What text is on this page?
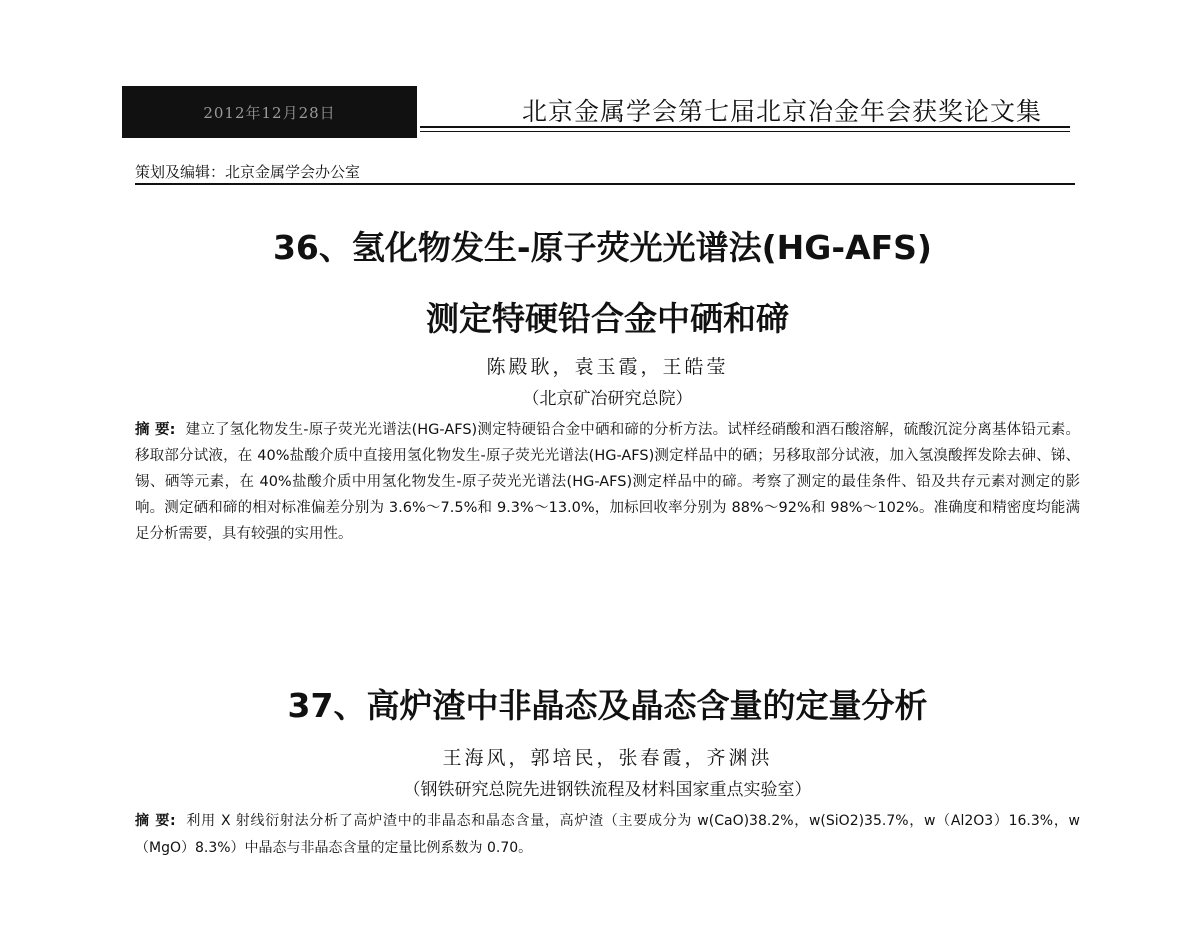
2012年12月28日	北京金属学会第七届北京冶金年会获奖论文集
策划及编辑：北京金属学会办公室
36、氢化物发生-原子荧光光谱法(HG-AFS)
测定特硬铅合金中硒和碲
陈殿耿，袁玉霞，王皓莹
（北京矿冶研究总院）
摘 要: 建立了氢化物发生-原子荧光光谱法(HG-AFS)测定特硬铅合金中硒和碲的分析方法。试样经硝酸和酒石酸溶解，硫酸沉淀分离基体铅元素。移取部分试液，在 40%盐酸介质中直接用氢化物发生-原子荧光光谱法(HG-AFS)测定样品中的硒；另移取部分试液，加入氢溴酸挥发除去砷、锑、锡、硒等元素，在 40%盐酸介质中用氢化物发生-原子荧光光谱法(HG-AFS)测定样品中的碲。考察了测定的最佳条件、铅及共存元素对测定的影响。测定硒和碲的相对标准偏差分别为 3.6%～7.5%和 9.3%～13.0%，加标回收率分别为 88%～92%和 98%～102%。准确度和精密度均能满足分析需要，具有较强的实用性。
37、高炉渣中非晶态及晶态含量的定量分析
王海风，郭培民，张春霞，齐渊洪
（钢铁研究总院先进钢铁流程及材料国家重点实验室）
摘 要: 利用 X 射线衍射法分析了高炉渣中的非晶态和晶态含量，高炉渣（主要成分为 w(CaO)38.2%，w(SiO2)35.7%，w（Al2O3）16.3%，w（MgO）8.3%）中晶态与非晶态含量的定量比例系数为 0.70。
